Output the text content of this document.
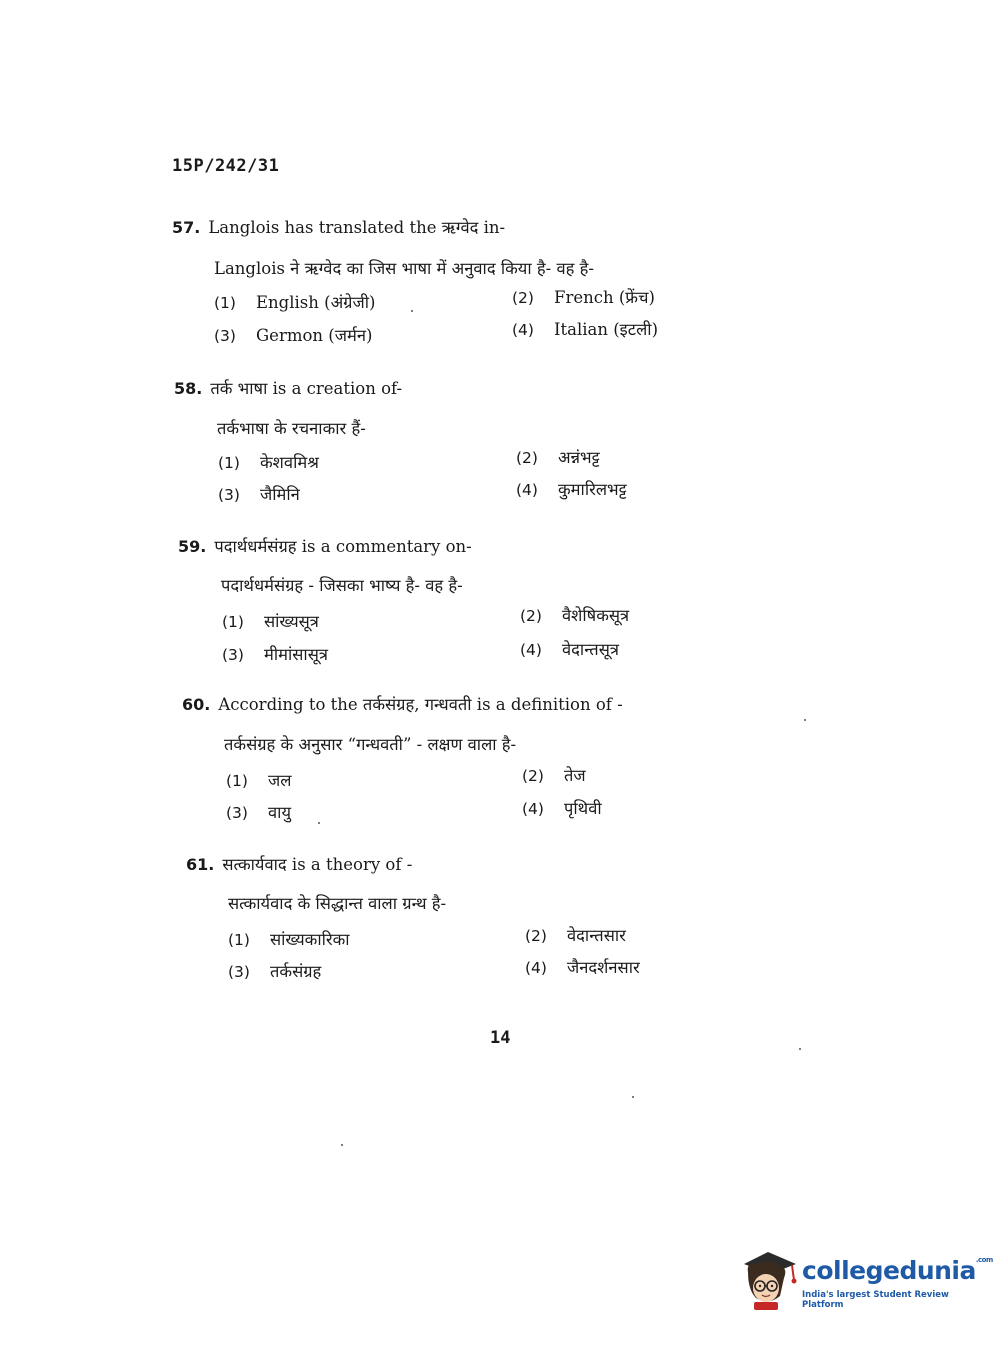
15P/242/31
57. Langlois has translated the ऋग्वेद in-
Langlois ने ऋग्वेद का जिस भाषा में अनुवाद किया है- वह है-
(1) English (अंग्रेजी)	(2) French (फ्रेंच)
(3) Germon (जर्मन)	(4) Italian (इटली)
58. तर्क भाषा is a creation of-
तर्कभाषा के रचनाकार हैं-
(1) केशवमिश्र	(2) अन्नंभट्ट
(3) जैमिनि	(4) कुमारिलभट्ट
59. पदार्थधर्मसंग्रह is a commentary on-
पदार्थधर्मसंग्रह - जिसका भाष्य है- वह है-
(1) सांख्यसूत्र	(2) वैशेषिकसूत्र
(3) मीमांसासूत्र	(4) वेदान्तसूत्र
60. According to the तर्कसंग्रह, गन्धवती is a definition of -
तर्कसंग्रह के अनुसार “गन्धवती” - लक्षण वाला है-
(1) जल	(2) तेज
(3) वायु	(4) पृथिवी
61. सत्कार्यवाद is a theory of -
सत्कार्यवाद के सिद्धान्त वाला ग्रन्थ है-
(1) सांख्यकारिका	(2) वेदान्तसार
(3) तर्कसंग्रह	(4) जैनदर्शनसार
14
collegedunia$^{.com}$
India's largest Student Review Platform
